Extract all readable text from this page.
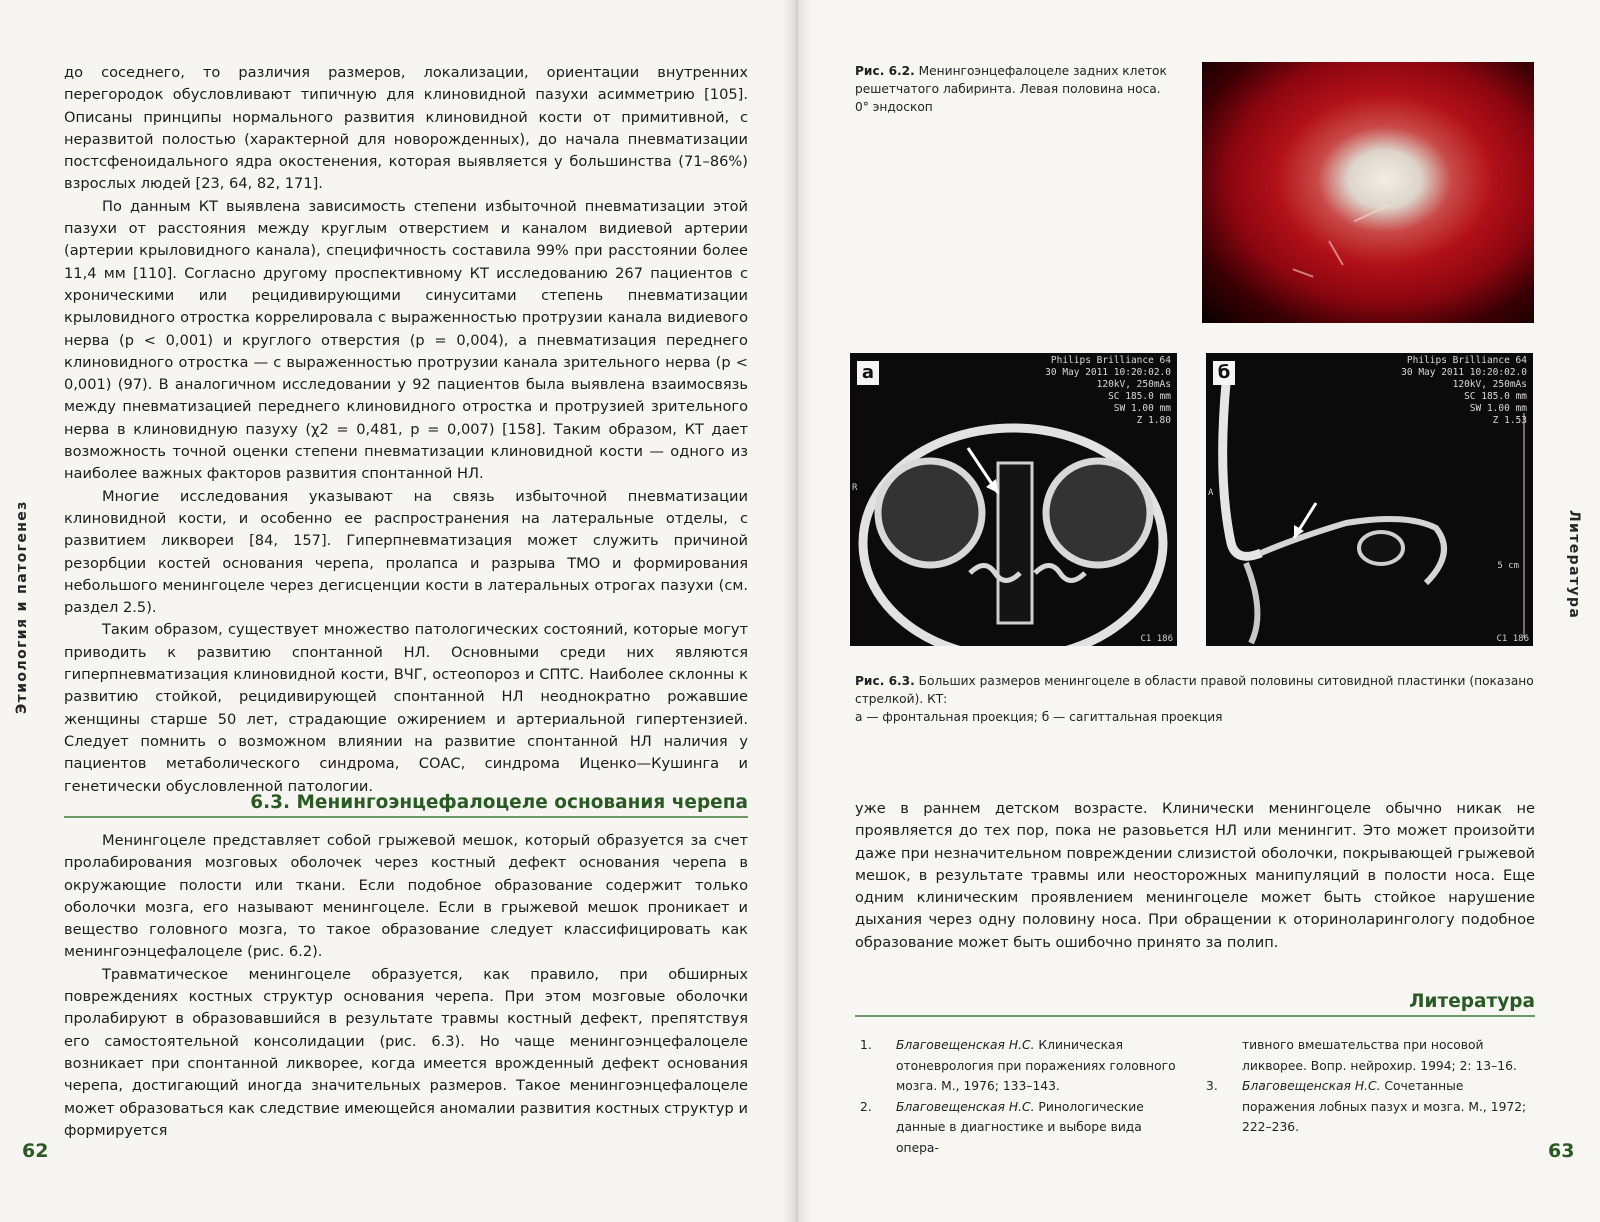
Этиология и патогенез

до соседнего, то различия размеров, локализации, ориентации внутренних перегородок обусловливают типичную для клиновидной пазухи асимметрию [105]. Описаны принципы нормального развития клиновидной кости от примитивной, с неразвитой полостью (характерной для новорожденных), до начала пневматизации постсфеноидального ядра окостенения, которая выявляется у большинства (71–86%) взрослых людей [23, 64, 82, 171].

По данным КТ выявлена зависимость степени избыточной пневматизации этой пазухи от расстояния между круглым отверстием и каналом видиевой артерии (артерии крыловидного канала), специфичность составила 99% при расстоянии более 11,4 мм [110]. Согласно другому проспективному КТ исследованию 267 пациентов с хроническими или рецидивирующими синуситами степень пневматизации крыловидного отростка коррелировала с выраженностью протрузии канала видиевого нерва (p < 0,001) и круглого отверстия (p = 0,004), а пневматизация переднего клиновидного отростка — с выраженностью протрузии канала зрительного нерва (p < 0,001) (97). В аналогичном исследовании у 92 пациентов была выявлена взаимосвязь между пневматизацией переднего клиновидного отростка и протрузией зрительного нерва в клиновидную пазуху (χ2 = 0,481, p = 0,007) [158]. Таким образом, КТ дает возможность точной оценки степени пневматизации клиновидной кости — одного из наиболее важных факторов развития спонтанной НЛ.

Многие исследования указывают на связь избыточной пневматизации клиновидной кости, и особенно ее распространения на латеральные отделы, с развитием ликвореи [84, 157]. Гиперпневматизация может служить причиной резорбции костей основания черепа, пролапса и разрыва ТМО и формирования небольшого менингоцеле через дегисценции кости в латеральных отрогах пазухи (см. раздел 2.5).

Таким образом, существует множество патологических состояний, которые могут приводить к развитию спонтанной НЛ. Основными среди них являются гиперпневматизация клиновидной кости, ВЧГ, остеопороз и СПТС. Наиболее склонны к развитию стойкой, рецидивирующей спонтанной НЛ неоднократно рожавшие женщины старше 50 лет, страдающие ожирением и артериальной гипертензией. Следует помнить о возможном влиянии на развитие спонтанной НЛ наличия у пациентов метаболического синдрома, СОАС, синдрома Иценко—Кушинга и генетически обусловленной патологии.

6.3. Менингоэнцефалоцеле основания черепа

Менингоцеле представляет собой грыжевой мешок, который образуется за счет пролабирования мозговых оболочек через костный дефект основания черепа в окружающие полости или ткани. Если подобное образование содержит только оболочки мозга, его называют менингоцеле. Если в грыжевой мешок проникает и вещество головного мозга, то такое образование следует классифицировать как менингоэнцефалоцеле (рис. 6.2).

Травматическое менингоцеле образуется, как правило, при обширных повреждениях костных структур основания черепа. При этом мозговые оболочки пролабируют в образовавшийся в результате травмы костный дефект, препятствуя его самостоятельной консолидации (рис. 6.3). Но чаще менингоэнцефалоцеле возникает при спонтанной ликворее, когда имеется врожденный дефект основания черепа, достигающий иногда значительных размеров. Такое менингоэнцефалоцеле может образоваться как следствие имеющейся аномалии развития костных структур и формируется

62
Рис. 6.2. Менингоэнцефалоцеле задних клеток решетчатого лабиринта. Левая половина носа. 0° эндоскоп
а
Philips Brilliance 64
30 May 2011 10:20:02.0
120kV, 250mAs
SC 185.0 mm
SW 1.00 mm
Z 1.80
R
C1 186
б
Philips Brilliance 64
30 May 2011 10:20:02.0
120kV, 250mAs
SC 185.0 mm
SW 1.00 mm
Z 1.53
A
5 cm
C1 186
Рис. 6.3. Больших размеров менингоцеле в области правой половины ситовидной пластинки (показано стрелкой). КТ:
а — фронтальная проекция; б — сагиттальная проекция

уже в раннем детском возрасте. Клинически менингоцеле обычно никак не проявляется до тех пор, пока не разовьется НЛ или менингит. Это может произойти даже при незначительном повреждении слизистой оболочки, покрывающей грыжевой мешок, в результате травмы или неосторожных манипуляций в полости носа. Еще одним клиническим проявлением менингоцеле может быть стойкое нарушение дыхания через одну половину носа. При обращении к оториноларингологу подобное образование может быть ошибочно принято за полип.

Литература
1. Благовещенская Н.С. Клиническая отоневрология при поражениях головного мозга. М., 1976; 133–143.
2. Благовещенская Н.С. Ринологические данные в диагностике и выборе вида опера-
тивного вмешательства при носовой ликворее. Вопр. нейрохир. 1994; 2: 13–16.
3. Благовещенская Н.С. Сочетанные поражения лобных пазух и мозга. М., 1972; 222–236.
Литература
63
